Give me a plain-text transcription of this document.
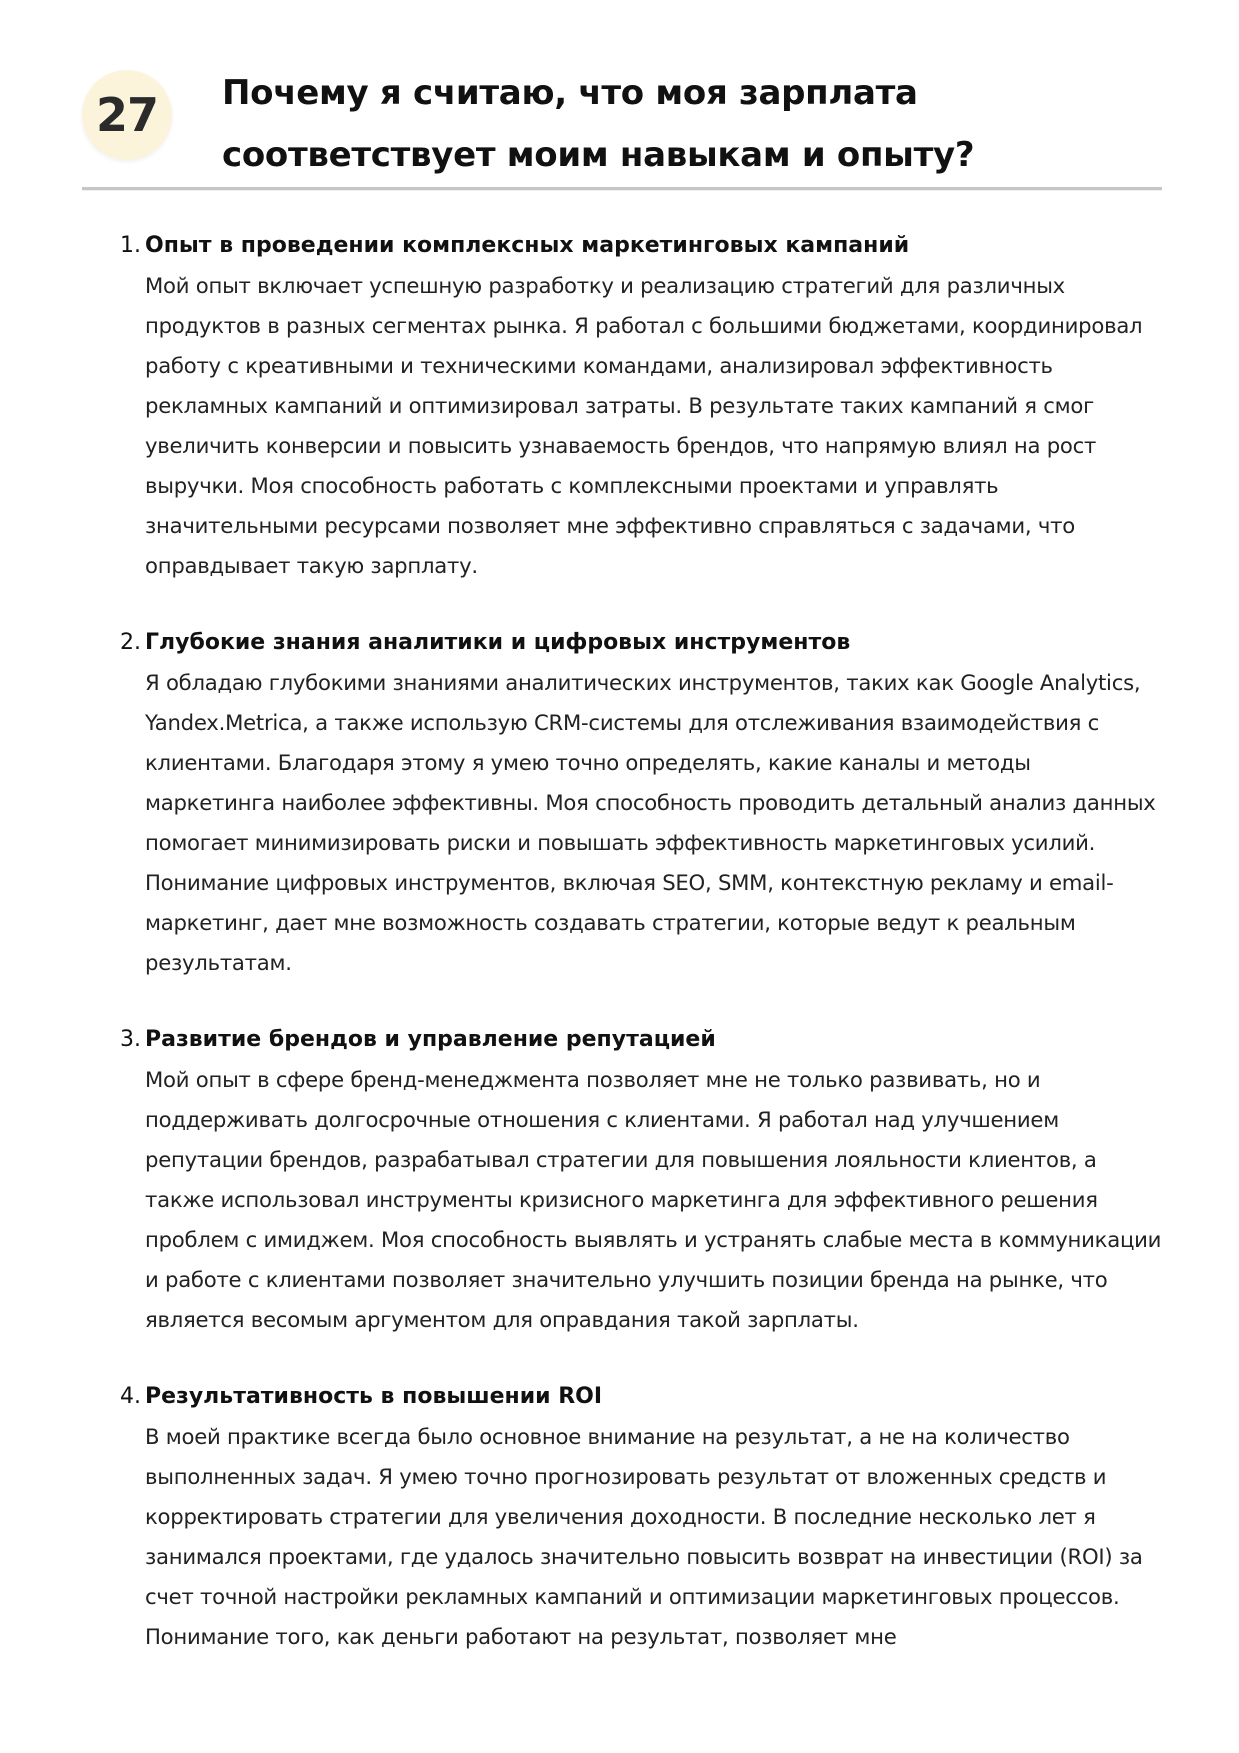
27	Почему я считаю, что моя зарплата соответствует моим навыкам и опыту?
1. Опыт в проведении комплексных маркетинговых кампаний
Мой опыт включает успешную разработку и реализацию стратегий для различных продуктов в разных сегментах рынка. Я работал с большими бюджетами, координировал работу с креативными и техническими командами, анализировал эффективность рекламных кампаний и оптимизировал затраты. В результате таких кампаний я смог увеличить конверсии и повысить узнаваемость брендов, что напрямую влиял на рост выручки. Моя способность работать с комплексными проектами и управлять значительными ресурсами позволяет мне эффективно справляться с задачами, что оправдывает такую зарплату.
2. Глубокие знания аналитики и цифровых инструментов
Я обладаю глубокими знаниями аналитических инструментов, таких как Google Analytics, Yandex.Metrica, а также использую CRM-системы для отслеживания взаимодействия с клиентами. Благодаря этому я умею точно определять, какие каналы и методы маркетинга наиболее эффективны. Моя способность проводить детальный анализ данных помогает минимизировать риски и повышать эффективность маркетинговых усилий. Понимание цифровых инструментов, включая SEO, SMM, контекстную рекламу и email-маркетинг, дает мне возможность создавать стратегии, которые ведут к реальным результатам.
3. Развитие брендов и управление репутацией
Мой опыт в сфере бренд-менеджмента позволяет мне не только развивать, но и поддерживать долгосрочные отношения с клиентами. Я работал над улучшением репутации брендов, разрабатывал стратегии для повышения лояльности клиентов, а также использовал инструменты кризисного маркетинга для эффективного решения проблем с имиджем. Моя способность выявлять и устранять слабые места в коммуникации и работе с клиентами позволяет значительно улучшить позиции бренда на рынке, что является весомым аргументом для оправдания такой зарплаты.
4. Результативность в повышении ROI
В моей практике всегда было основное внимание на результат, а не на количество выполненных задач. Я умею точно прогнозировать результат от вложенных средств и корректировать стратегии для увеличения доходности. В последние несколько лет я занимался проектами, где удалось значительно повысить возврат на инвестиции (ROI) за счет точной настройки рекламных кампаний и оптимизации маркетинговых процессов. Понимание того, как деньги работают на результат, позволяет мне
